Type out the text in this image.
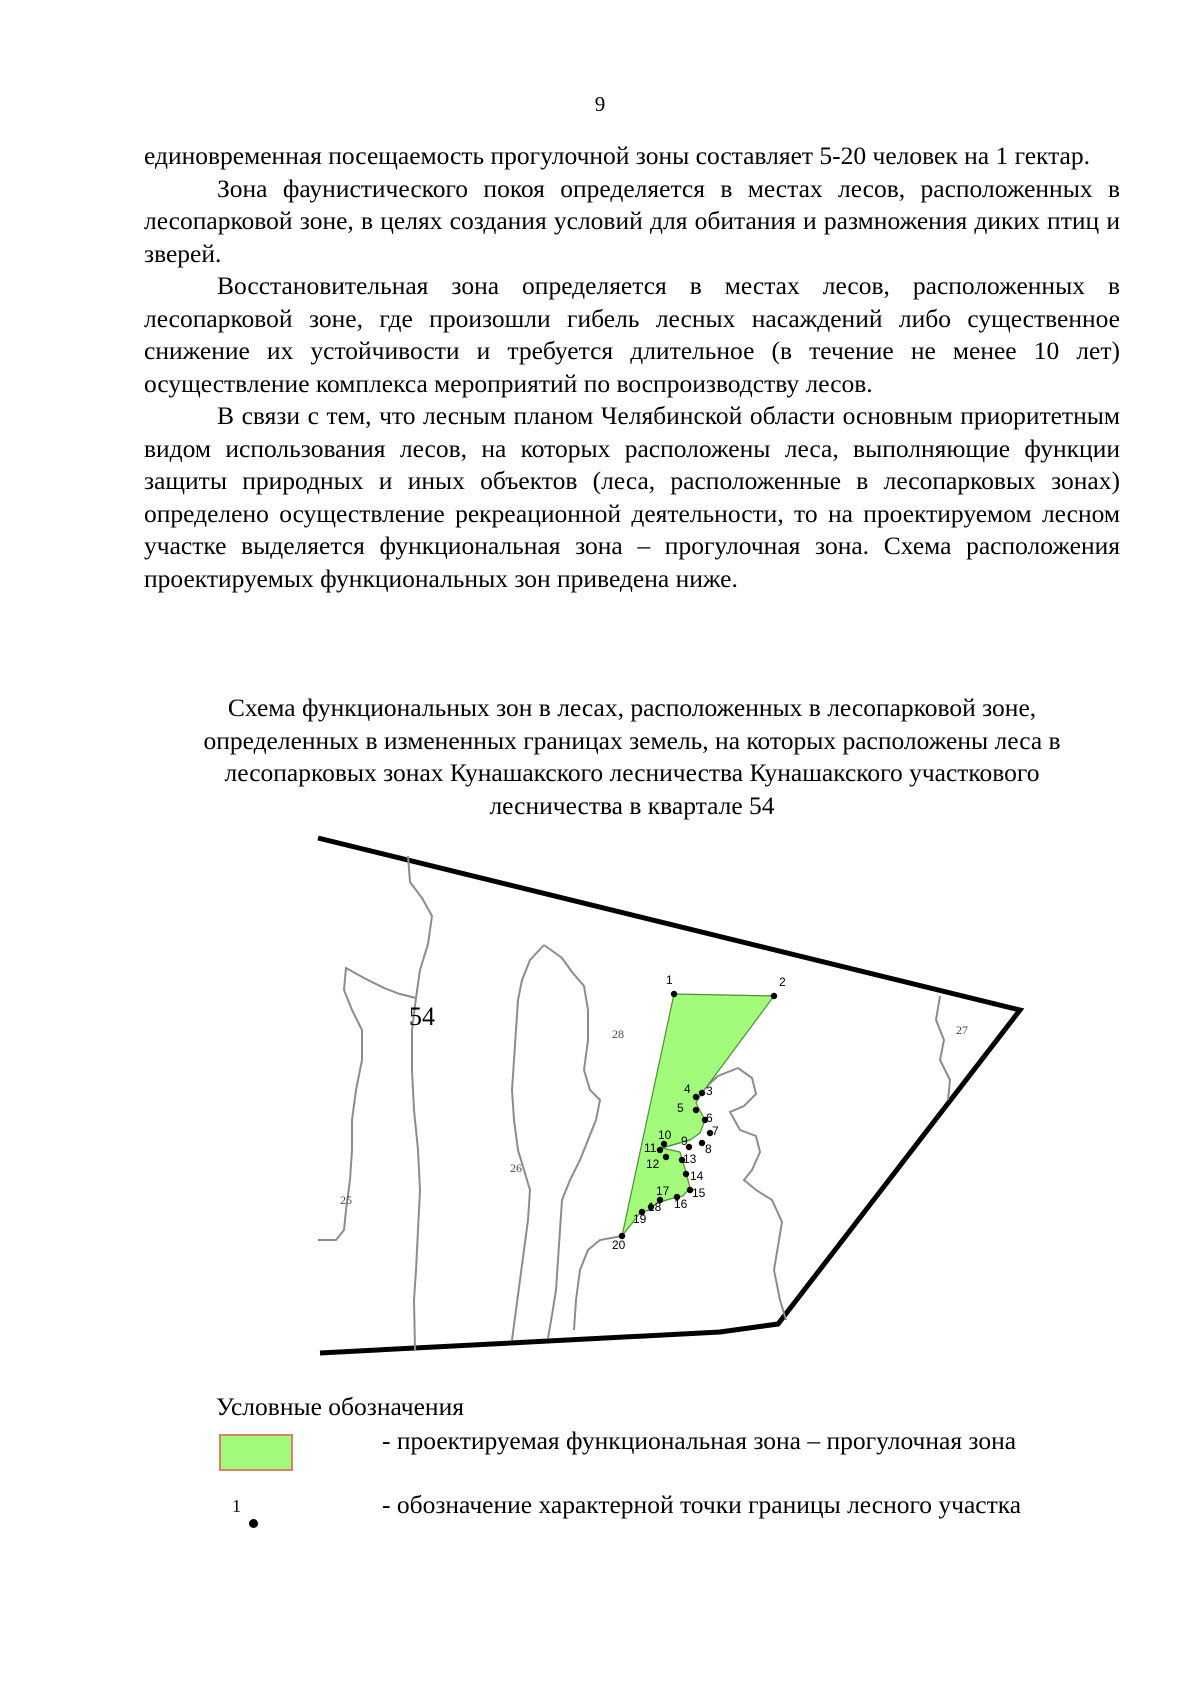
9

единовременная посещаемость прогулочной зоны составляет 5-20 человек на 1 гектар.

Зона фаунистического покоя определяется в местах лесов, расположенных в лесопарковой зоне, в целях создания условий для обитания и размножения диких птиц и зверей.

Восстановительная зона определяется в местах лесов, расположенных в лесопарковой зоне, где произошли гибель лесных насаждений либо существенное снижение их устойчивости и требуется длительное (в течение не менее 10 лет) осуществление комплекса мероприятий по воспроизводству лесов.

В связи с тем, что лесным планом Челябинской области основным приоритетным видом использования лесов, на которых расположены леса, выполняющие функции защиты природных и иных объектов (леса, расположенные в лесопарковых зонах) определено осуществление рекреационной деятельности, то на проектируемом лесном участке выделяется функциональная зона – прогулочная зона. Схема расположения проектируемых функциональных зон приведена ниже.

Схема функциональных зон в лесах, расположенных в лесопарковой зоне,
определенных в измененных границах земель, на которых расположены леса в
лесопарковых зонах Кунашакского лесничества Кунашакского участкового
лесничества в квартале 54
1	2
3
4
5
6
7
8
9
10
11
12 13
14
15
16
17
18
19
20
54
28
26
25
27
Условные обозначения
- проектируемая функциональная зона – прогулочная зона
1	- обозначение характерной точки границы лесного участка
